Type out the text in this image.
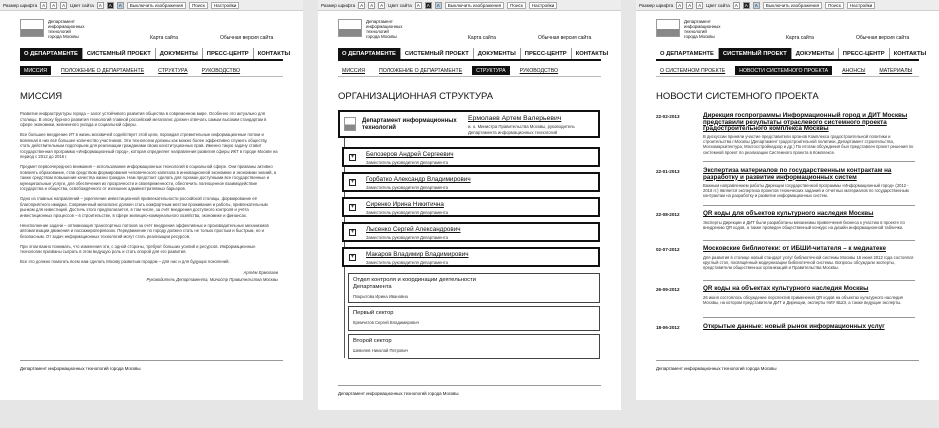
Размер шрифта	A	A	A	Цвет сайта	A	A	A	Выключить изображения	Поиск	Настройки
Департамент
информационных
технологий
города Москвы	Карта сайта	Обычная версия сайта
О ДЕПАРТАМЕНТЕ	СИСТЕМНЫЙ ПРОЕКТ	ДОКУМЕНТЫ	ПРЕСС-ЦЕНТР	КОНТАКТЫ
МИССИЯ	ПОЛОЖЕНИЕ О ДЕПАРТАМЕНТЕ	СТРУКТУРА	РУКОВОДСТВО
МИССИЯ

Развитие инфраструктуры города – залог устойчивого развития общества в современном мире. Особенно это актуально для столицы. В эпоху бурного развития технологий главной российский мегаполис должен отвечать самым высоким стандартам в сфере экономики, жизненного уклада и социальной сферы.

Все большее внедрение ИТ в жизнь москвичей содействует этой цели, порождая стремительные информационные потоки и вовлекая в них всё большее количество участников. Эти технологии должны как можно более эффективно служить обществу, стать действительным подспорьем для реализации гражданами своих конституционных прав. Именно такую задачу ставит государственная программа «Информационный город», которая определяет направления развития сферы ИКТ в городе Москве на период с 2012 до 2016 г.

Предмет первоочередного внимания – использование информационных технологий в социальной сфере. Они призваны активно повлиять образование, став средством формирования человеческого капитала в инновационной экономике и экономики знаний, а также средством повышения качества жизни граждан. Нам предстоит сделать для горожан доступными все государственные и муниципальные услуги, для обеспечения их прозрачности и своевременности, обеспечить полноценное взаимодействие государства и общества, освобождённого от излишних административных барьеров.

Одно из главных направлений – укрепление инвестиционной привлекательности российской столицы, формирование её благоприятного имиджа. Современный мегаполис должен стать комфортным местом проживания и работы, привлекательным рынком для инвестиций. Достичь этого предполагается, в том числе, за счёт внедрения доступного контроля и учёта инвестиционных процессов – в строительстве, в сфере жилищно-коммунального хозяйства, экономике и финансах.

Неисполнение задачи – оптимизация транспортных потоков за счёт внедрения эффективных и производительных механизмов автоматизации движения и пассажироперевозок. Передвижение по городу должно стать не только простым и быстрым, но и безопасным. От задач информационных технологий могут стать реализации ресурсов.

При этом важно понимать, что изменения эти, с одной стороны, требуют больших усилий и ресурсов. Информационные технологии призваны сыграть в этом ведущую роль и стать опорой для его развития.

Все это должно помогать всем нам сделать Москву развитым городом – для нас и для будущих поколений.

Артём Ермолаев
Руководитель Департамента, Министр Правительства Москвы
Департамент информационных технологий города Москвы
Размер шрифта	A	A	A	Цвет сайта	A	A	A	Выключить изображения	Поиск	Настройки
Департамент
информационных
технологий
города Москвы	Карта сайта	Обычная версия сайта
О ДЕПАРТАМЕНТЕ	СИСТЕМНЫЙ ПРОЕКТ	ДОКУМЕНТЫ	ПРЕСС-ЦЕНТР	КОНТАКТЫ
МИССИЯ	ПОЛОЖЕНИЕ О ДЕПАРТАМЕНТЕ	СТРУКТУРА	РУКОВОДСТВО
ОРГАНИЗАЦИОННАЯ СТРУКТУРА
Департамент информационных технологий
Ермолаев Артем Валерьевич
и. о. Министра Правительства Москвы, руководитель
Департамента информационных технологий
+ Белозеров Андрей Сергеевич
Заместитель руководителя Департамента
+ Горбатко Александр Владимирович
Заместитель руководителя Департамента
+ Сиренко Ирина Никитична
Заместитель руководителя Департамента
+ Лысенко Сергей Александрович
Заместитель руководителя Департамента
+ Макаров Владимир Владимирович
Заместитель руководителя Департамента
Отдел контроля и координации деятельности Департамента
Покрытова Ирина Ивановна
Первый сектор
Кремчатов Сергей Владимирович
Второй сектор
Шевелев Николай Петрович
Департамент информационных технологий города Москвы
Размер шрифта	A	A	A	Цвет сайта	A	A	A	Выключить изображения	Поиск	Настройки
Департамент
информационных
технологий
города Москвы	Карта сайта	Обычная версия сайта
О ДЕПАРТАМЕНТЕ	СИСТЕМНЫЙ ПРОЕКТ	ДОКУМЕНТЫ	ПРЕСС-ЦЕНТР	КОНТАКТЫ
О СИСТЕМНОМ ПРОЕКТЕ	НОВОСТИ СИСТЕМНОГО ПРОЕКТА	АНОНСЫ	МАТЕРИАЛЫ
НОВОСТИ СИСТЕМНОГО ПРОЕКТА
22-02-2013	Дирекция госпрограммы Информационный город и ДИТ Москвы представили результаты отраслевого системного проекта градостроительного комплекса Москвы
В дискуссии приняли участие представители органов Комплекса градостроительной политики и строительства г.Москвы (Департамент градостроительной политики, Департамент строительства, Москомархитектура, Мосгосстройнадзор и др.) По итогам обсуждения был представлен проект решения по системной проект по реализации Системного проекта в Комплексе.
22-01-2013	Экспертиза материалов по государственным контрактам на разработку и развитие информационных систем
Важным направлением работы Дирекции государственной программы «Информационный город» (2012 - 2016 гг.) является экспертиза проектов технических заданий и отчетных материалов по государственным контрактам на разработку и развитие информационных систем.
22-08-2012	QR коды для объектов культурного наследия Москвы
Эксперты Дирекции и ДИТ были разработаны механизмы привлечения бизнеса к участию в проекте по внедрению QR кодов, а также проведен общественный конкурс на дизайн информационной таблички.
02-07-2012	Московские библиотеки: от ИБШИ-читателя – к медиатеке
Для развития в столице новый стандарт услуг библиотечной системы Москвы 16 июня 2012 года состоялся круглый стол, посвящённый модернизации библиотечной системы. Вопросы обсуждали эксперты, представители общественных организаций и Правительства Москвы.
26-09-2012	QR коды на объектах культурного наследия Москвы
26 июня состоялось обсуждение перспектив применения QR кодов на объектах культурного наследия Москвы, на котором представители ДИТ и Дирекции, эксперты НИУ ВШЭ, а также ведущие эксперты.
18-06-2012	Открытые данные: новый рынок информационных услуг
Департамент информационных технологий города Москвы
